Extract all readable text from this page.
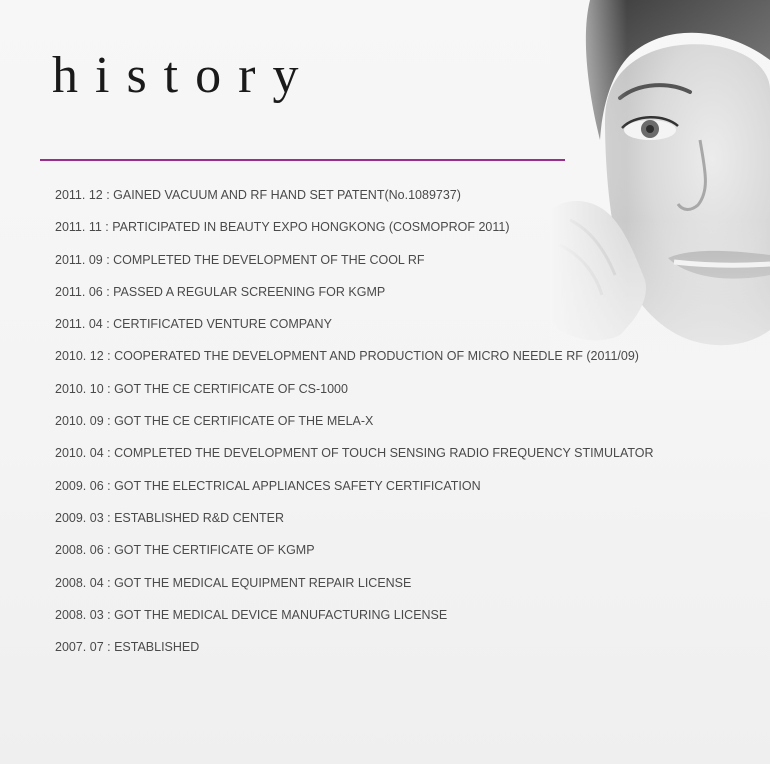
history
2011. 12 : GAINED VACUUM AND RF HAND SET PATENT(No.1089737)
2011. 11 : PARTICIPATED IN BEAUTY EXPO HONGKONG (COSMOPROF 2011)
2011. 09 : COMPLETED THE DEVELOPMENT OF THE COOL RF
2011. 06 : PASSED A REGULAR SCREENING FOR KGMP
2011. 04 : CERTIFICATED VENTURE COMPANY
2010. 12 : COOPERATED THE DEVELOPMENT AND PRODUCTION OF MICRO NEEDLE RF (2011/09)
2010. 10 : GOT THE CE CERTIFICATE OF CS-1000
2010. 09 : GOT THE CE CERTIFICATE OF THE MELA-X
2010. 04 : COMPLETED THE DEVELOPMENT OF TOUCH SENSING RADIO FREQUENCY STIMULATOR
2009. 06 : GOT THE ELECTRICAL APPLIANCES SAFETY CERTIFICATION
2009. 03 : ESTABLISHED R&D CENTER
2008. 06 : GOT THE CERTIFICATE OF KGMP
2008. 04 : GOT THE MEDICAL EQUIPMENT REPAIR LICENSE
2008. 03 : GOT THE MEDICAL DEVICE MANUFACTURING LICENSE
2007. 07 : ESTABLISHED
